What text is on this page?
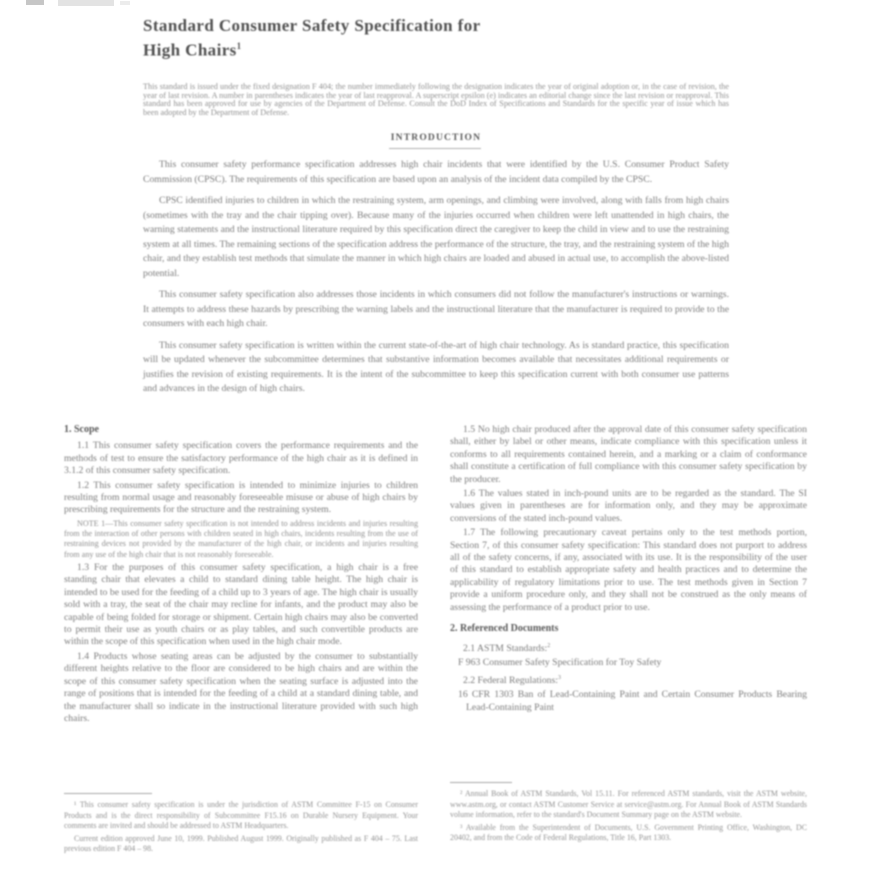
Standard Consumer Safety Specification for
High Chairs$^1$
This standard is issued under the fixed designation F 404; the number immediately following the designation indicates the year of original adoption or, in the case of revision, the year of last revision. A number in parentheses indicates the year of last reapproval. A superscript epsilon (e) indicates an editorial change since the last revision or reapproval. This standard has been approved for use by agencies of the Department of Defense. Consult the DoD Index of Specifications and Standards for the specific year of issue which has been adopted by the Department of Defense.
INTRODUCTION

This consumer safety performance specification addresses high chair incidents that were identified by the U.S. Consumer Product Safety Commission (CPSC). The requirements of this specification are based upon an analysis of the incident data compiled by the CPSC.

CPSC identified injuries to children in which the restraining system, arm openings, and climbing were involved, along with falls from high chairs (sometimes with the tray and the chair tipping over). Because many of the injuries occurred when children were left unattended in high chairs, the warning statements and the instructional literature required by this specification direct the caregiver to keep the child in view and to use the restraining system at all times. The remaining sections of the specification address the performance of the structure, the tray, and the restraining system of the high chair, and they establish test methods that simulate the manner in which high chairs are loaded and abused in actual use, to accomplish the above-listed potential.

This consumer safety specification also addresses those incidents in which consumers did not follow the manufacturer's instructions or warnings. It attempts to address these hazards by prescribing the warning labels and the instructional literature that the manufacturer is required to provide to the consumers with each high chair.

This consumer safety specification is written within the current state-of-the-art of high chair technology. As is standard practice, this specification will be updated whenever the subcommittee determines that substantive information becomes available that necessitates additional requirements or justifies the revision of existing requirements. It is the intent of the subcommittee to keep this specification current with both consumer use patterns and advances in the design of high chairs.

1. Scope

1.1 This consumer safety specification covers the performance requirements and the methods of test to ensure the satisfactory performance of the high chair as it is defined in 3.1.2 of this consumer safety specification.

1.2 This consumer safety specification is intended to minimize injuries to children resulting from normal usage and reasonably foreseeable misuse or abuse of high chairs by prescribing requirements for the structure and the restraining system.

NOTE 1—This consumer safety specification is not intended to address incidents and injuries resulting from the interaction of other persons with children seated in high chairs, incidents resulting from the use of restraining devices not provided by the manufacturer of the high chair, or incidents and injuries resulting from any use of the high chair that is not reasonably foreseeable.

1.3 For the purposes of this consumer safety specification, a high chair is a free standing chair that elevates a child to standard dining table height. The high chair is intended to be used for the feeding of a child up to 3 years of age. The high chair is usually sold with a tray, the seat of the chair may recline for infants, and the product may also be capable of being folded for storage or shipment. Certain high chairs may also be converted to permit their use as youth chairs or as play tables, and such convertible products are within the scope of this specification when used in the high chair mode.

1.4 Products whose seating areas can be adjusted by the consumer to substantially different heights relative to the floor are considered to be high chairs and are within the scope of this consumer safety specification when the seating surface is adjusted into the range of positions that is intended for the feeding of a child at a standard dining table, and the manufacturer shall so indicate in the instructional literature provided with such high chairs.

1.5 No high chair produced after the approval date of this consumer safety specification shall, either by label or other means, indicate compliance with this specification unless it conforms to all requirements contained herein, and a marking or a claim of conformance shall constitute a certification of full compliance with this consumer safety specification by the producer.

1.6 The values stated in inch-pound units are to be regarded as the standard. The SI values given in parentheses are for information only, and they may be approximate conversions of the stated inch-pound values.

1.7 The following precautionary caveat pertains only to the test methods portion, Section 7, of this consumer safety specification: This standard does not purport to address all of the safety concerns, if any, associated with its use. It is the responsibility of the user of this standard to establish appropriate safety and health practices and to determine the applicability of regulatory limitations prior to use. The test methods given in Section 7 provide a uniform procedure only, and they shall not be construed as the only means of assessing the performance of a product prior to use.

2. Referenced Documents

2.1 ASTM Standards:$^2$

F 963 Consumer Safety Specification for Toy Safety

2.2 Federal Regulations:$^3$

16 CFR 1303 Ban of Lead-Containing Paint and Certain Consumer Products Bearing Lead-Containing Paint

¹ This consumer safety specification is under the jurisdiction of ASTM Committee F-15 on Consumer Products and is the direct responsibility of Subcommittee F15.16 on Durable Nursery Equipment. Your comments are invited and should be addressed to ASTM Headquarters.

Current edition approved June 10, 1999. Published August 1999. Originally published as F 404 – 75. Last previous edition F 404 – 98.

² Annual Book of ASTM Standards, Vol 15.11. For referenced ASTM standards, visit the ASTM website, www.astm.org, or contact ASTM Customer Service at service@astm.org. For Annual Book of ASTM Standards volume information, refer to the standard's Document Summary page on the ASTM website.

³ Available from the Superintendent of Documents, U.S. Government Printing Office, Washington, DC 20402, and from the Code of Federal Regulations, Title 16, Part 1303.
